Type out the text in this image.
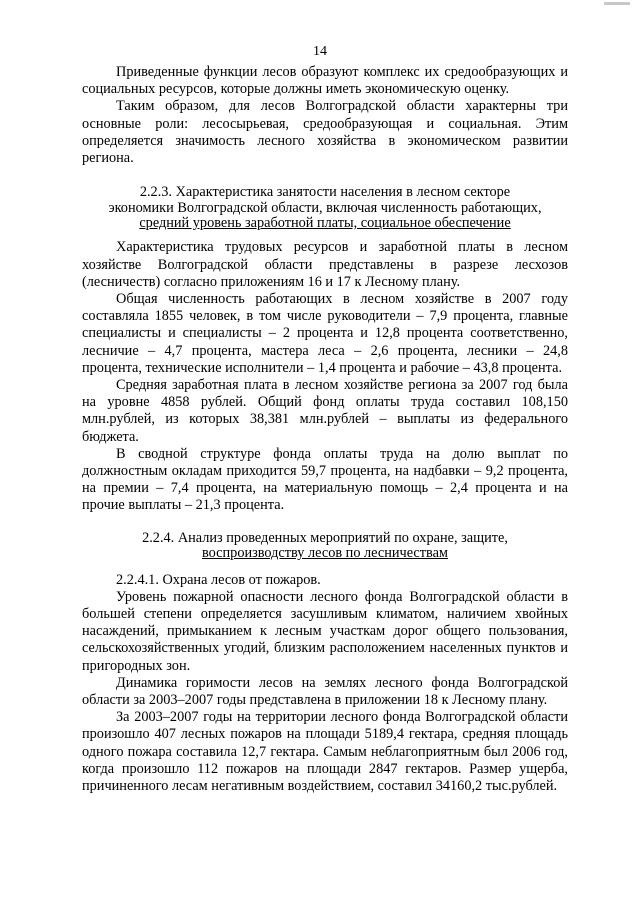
14

Приведенные функции лесов образуют комплекс их средообразующих и социальных ресурсов, которые должны иметь экономическую оценку.

Таким образом, для лесов Волгоградской области характерны три основные роли: лесосырьевая, средообразующая и социальная. Этим определяется значимость лесного хозяйства в экономическом развитии региона.

2.2.3. Характеристика занятости населения в лесном секторе
экономики Волгоградской области, включая численность работающих,
средний уровень заработной платы, социальное обеспечение

Характеристика трудовых ресурсов и заработной платы в лесном хозяйстве Волгоградской области представлены в разрезе лесхозов (лесничеств) согласно приложениям 16 и 17 к Лесному плану.

Общая численность работающих в лесном хозяйстве в 2007 году составляла 1855 человек, в том числе руководители – 7,9 процента, главные специалисты и специалисты – 2 процента и 12,8 процента соответственно, лесничие – 4,7 процента, мастера леса – 2,6 процента, лесники – 24,8 процента, технические исполнители – 1,4 процента и рабочие – 43,8 процента.

Средняя заработная плата в лесном хозяйстве региона за 2007 год была на уровне 4858 рублей. Общий фонд оплаты труда составил 108,150 млн.рублей, из которых 38,381 млн.рублей – выплаты из федерального бюджета.

В сводной структуре фонда оплаты труда на долю выплат по должностным окладам приходится 59,7 процента, на надбавки – 9,2 процента, на премии – 7,4 процента, на материальную помощь – 2,4 процента и на прочие выплаты – 21,3 процента.

2.2.4. Анализ проведенных мероприятий по охране, защите,
воспроизводству лесов по лесничествам

2.2.4.1. Охрана лесов от пожаров.

Уровень пожарной опасности лесного фонда Волгоградской области в большей степени определяется засушливым климатом, наличием хвойных насаждений, примыканием к лесным участкам дорог общего пользования, сельскохозяйственных угодий, близким расположением населенных пунктов и пригородных зон.

Динамика горимости лесов на землях лесного фонда Волгоградской области за 2003–2007 годы представлена в приложении 18 к Лесному плану.

За 2003–2007 годы на территории лесного фонда Волгоградской области произошло 407 лесных пожаров на площади 5189,4 гектара, средняя площадь одного пожара составила 12,7 гектара. Самым неблагоприятным был 2006 год, когда произошло 112 пожаров на площади 2847 гектаров. Размер ущерба, причиненного лесам негативным воздействием, составил 34160,2 тыс.рублей.
